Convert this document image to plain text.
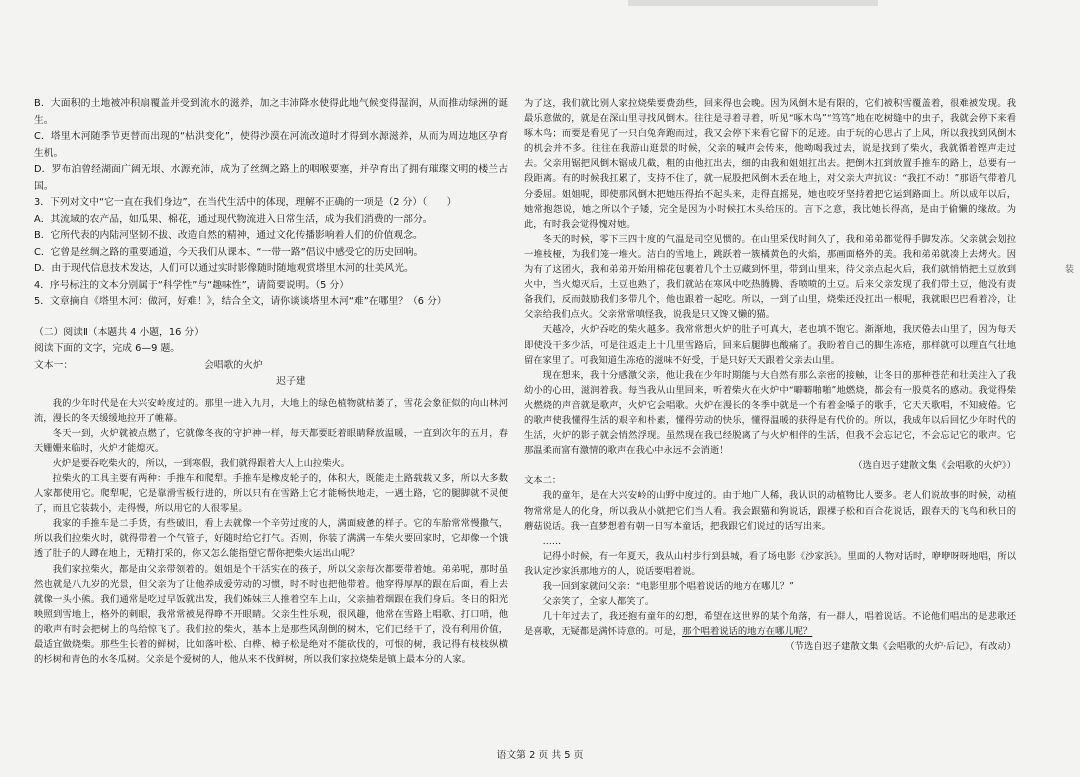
装

B．大面积的土地被冲积扇覆盖并受到流水的滋养，加之丰沛降水使得此地气候变得湿润，从而推动绿洲的诞生。

C．塔里木河随季节更替而出现的“枯洪变化”，使得沙漠在河流改道时才得到水源滋养，从而为周边地区孕育生机。

D．罗布泊曾经湖面广阔无垠、水源充沛，成为了丝绸之路上的咽喉要塞，并孕育出了拥有璀璨文明的楼兰古国。

3．下列对文中“它一直在我们身边”，在当代生活中的体现，理解不正确的一项是（2 分）（　　）

A．其流域的农产品，如瓜果、棉花，通过现代物流进入日常生活，成为我们消费的一部分。

B．它所代表的内陆河坚韧不拔、改造自然的精神，通过文化传播影响着人们的价值观念。

C．它曾是丝绸之路的重要通道，今天我们从课本、“一带一路”倡议中感受它的历史回响。

D．由于现代信息技术发达，人们可以通过实时影像随时随地观赏塔里木河的壮美风光。

4．序号标注的文本分别属于“科学性”与“趣味性”，请简要说明。（5 分）

5．文章摘自《塔里木河：做河，好难！》，结合全文，请你谈谈塔里木河“难”在哪里？（6 分）

（二）阅读Ⅱ（本题共 4 小题，16 分）

阅读下面的文字，完成 6—9 题。

文本一：	会唱歌的火炉

迟子建

我的少年时代是在大兴安岭度过的。那里一进入九月，大地上的绿色植物就枯萎了，雪花会象征似的向山林河流，漫长的冬天缓缓地拉开了帷幕。

冬天一到，火炉就被点燃了，它就像冬夜的守护神一样，每天都要眨着眼睛释放温暖，一直到次年的五月，春天姗姗来临时，火炉才能熄灭。

火炉是要吞吃柴火的，所以，一到寒假，我们就得跟着大人上山拉柴火。

拉柴火的工具主要有两种：手推车和爬犁。手推车是橡皮轮子的，体积大，既能走土路载载又多，所以大多数人家都使用它。爬犁呢，它是靠滑雪板行进的，所以只有在雪路上它才能畅快地走，一遇土路，它的腿脚就不灵便了，而且它装载小，走得慢，所以用它的人很零星。

我家的手推车是二手货，有些破旧，看上去就像一个辛劳过度的人，满面疲惫的样子。它的车胎常常慢撒气，所以我们拉柴火时，就得带着一个气管子，好随时给它打气。否则，你装了满满一车柴火要回家时，它却像一个饿透了肚子的人蹲在地上，无精打采的，你又怎么能指望它帮你把柴火运出山呢？

我们家拉柴火，都是由父亲带领着的。姐姐是个干活实在的孩子，所以父亲每次都要带着她。弟弟呢，那时虽然也就是八九岁的光景，但父亲为了让他养成爱劳动的习惯，时不时也把他带着。他穿得厚厚的跟在后面，看上去就像一头小熊。我们通常是吃过早饭就出发，我们姊妹三人推着空车上山，父亲抽着烟跟在我们身后。冬日的阳光映照到雪地上，格外的刺眼，我常常被晃得睁不开眼睛。父亲生性乐观，很风趣，他常在雪路上唱歌、打口哨，他的歌声有时会把树上的鸟给惊飞了。我们拉的柴火，基本上是那些风刮倒的树木，它们已经干了，没有利用价值，最适宜做烧柴。那些生长着的鲜树，比如落叶松、白桦、樟子松是绝对不能砍伐的，可恨的树，我记得有枝枝纵横的杉树和青色的水冬瓜树。父亲是个爱树的人，他从来不伐鲜树，所以我们家拉烧柴是镇上最本分的人家。

为了这，我们就比别人家拉烧柴要费劲些，回来得也会晚。因为风倒木是有限的，它们被积雪覆盖着，很难被发现。我最乐意做的，就是在深山里寻找风倒木。往往是寻着寻着，听见“啄木鸟”“笃笃”地在吃树缝中的虫子，我就会停下来看啄木鸟；而要是看见了一只白兔奔跑而过，我又会停下来看它留下的足迹。由于玩的心思占了上风，所以我找到风倒木的机会并不多。往往在我游山逛景的时候，父亲的喊声会传来，他呦喝我过去，说是找到了柴火，我就循着铿声走过去。父亲用锯把风倒木锯成几截，粗的由他扛出去，细的由我和姐姐扛出去。把倒木扛到放置手推车的路上，总要有一段距离。有的时候我扛累了，支持不住了，就一屁股把风倒木丢在地上，对父亲大声抗议：“我扛不动！”那语气带着几分委屈。姐姐呢，即使那风倒木把她压得抬不起头来，走得直摇晃，她也咬牙坚持着把它运到路面上。所以成年以后，她常抱怨说，她之所以个子矮，完全是因为小时候扛木头给压的。言下之意，我比她长得高，是由于偷懒的缘故。为此，有时我会觉得愧对她。

冬天的时候，零下三四十度的气温是司空见惯的。在山里采伐时间久了，我和弟弟都觉得手脚发冻。父亲就会划拉一堆枝桠，为我们笼一堆火。洁白的雪地上，跳跃着一簇橘黄色的火焰，那画面格外的美。我和弟弟就凑上去烤火。因为有了这团火，我和弟弟开始用棉花包裹着几个土豆藏到怀里，带到山里来，待父亲点起火后，我们就悄悄把土豆放到火中，当火熄灭后，土豆也熟了，我们就站在寒风中吃热腾腾、香喷喷的土豆。后来父亲发现了我们带土豆，他没有责备我们，反而鼓励我们多带几个，他也跟着一起吃。所以，一到了山里，烧柴还没扛出一根呢，我就眼巴巴看着冷，让父亲给我们点火。父亲常常嗔怪我，说我是只又馋又懒的猫。

天越冷，火炉吞吃的柴火越多。我常常想火炉的肚子可真大，老也填不饱它。渐渐地，我厌倦去山里了，因为每天即使没干多少活，可是往返走上十几里雪路后，回来后腿脚也酸痛了。我盼着自己的脚生冻疮，那样就可以理直气壮地留在家里了。可我知道生冻疮的滋味不好受，于是只好天天跟着父亲去山里。

现在想来，我十分感激父亲，他让我在少年时期能与大自然有那么亲密的接触，让冬日的那种苍茫和壮美注入了我幼小的心田，滋润着我。每当我从山里回来，听着柴火在火炉中“噼噼啪啪”地燃烧，都会有一股莫名的感动。我觉得柴火燃烧的声音就是歌声，火炉它会唱歌。火炉在漫长的冬季中就是一个有着金嗓子的歌手，它天天歌唱，不知疲倦。它的歌声使我懂得生活的艰辛和朴素，懂得劳动的快乐，懂得温暖的获得是有代价的。所以，我成年以后回忆少年时代的生活，火炉的影子就会悄然浮现。虽然现在我已经脱离了与火炉相伴的生活，但我不会忘记它，不会忘记它的歌声。它那温柔而富有激情的歌声在我心中永远不会消逝！

（选自迟子建散文集《会唱歌的火炉》）

文本二：

我的童年，是在大兴安岭的山野中度过的。由于地广人稀，我认识的动植物比人要多。老人们说故事的时候，动植物常常是人的化身，所以我从小就把它们当人看。我会跟猫和狗说话，跟裸子松和百合花说话，跟春天的飞鸟和秋日的蘑菇说话。我一直梦想着有朝一日写本童话，把我跟它们说过的话写出来。

……

记得小时候，有一年夏天，我从山村步行到县城，看了场电影《沙家浜》。里面的人物对话时，咿咿呀呀地唱，所以我认定沙家浜那地方的人，说话要唱着说。

我一回到家就问父亲：“电影里那个唱着说话的地方在哪儿？”

父亲笑了，全家人都笑了。

几十年过去了，我还抱有童年的幻想，希望在这世界的某个角落，有一群人，唱着说话。不论他们唱出的是悲歌还是喜歌，无疑都是满怀诗意的。可是，那个唱着说话的地方在哪儿呢？

（节选自迟子建散文集《会唱歌的火炉·后记》，有改动）

语文第 2 页 共 5 页
